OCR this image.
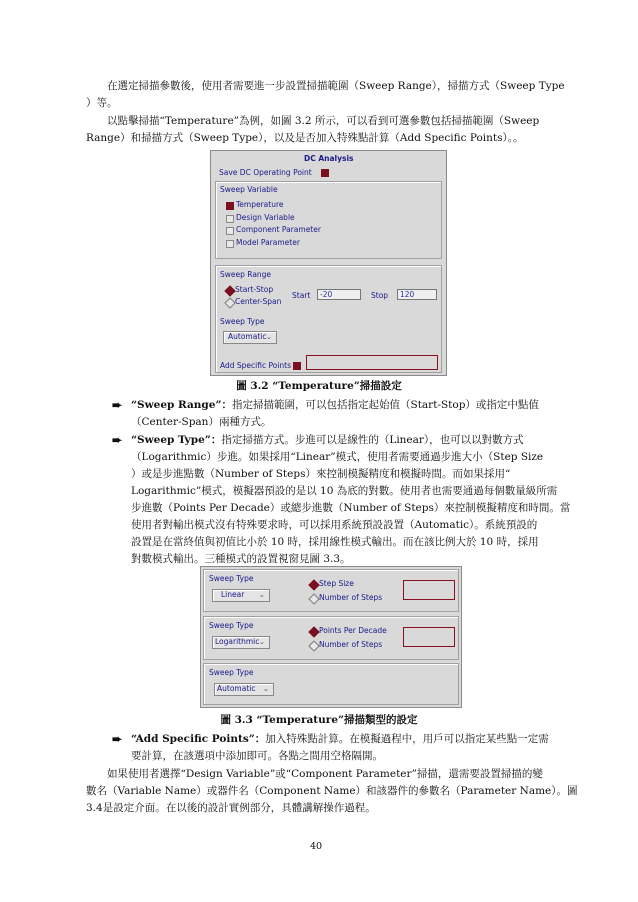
在選定掃描參數後，使用者需要進一步設置掃描範圍（Sweep Range），掃描方式（Sweep Type
）等。
以點擊掃描“Temperature”為例，如圖 3.2 所示，可以看到可選參數包括掃描範圍（Sweep
Range）和掃描方式（Sweep Type），以及是否加入特殊點計算（Add Specific Points）。。
DC Analysis
Save DC Operating Point
Sweep Variable
Temperature
Design Variable
Component Parameter
Model Parameter
Sweep Range
Start-Stop
Center-Span
Start	-20	Stop	120
Sweep Type
Automatic ⌄
Add Specific Points
圖 3.2 “Temperature”掃描設定
➨ “Sweep Range”：指定掃描範圍，可以包括指定起始值（Start-Stop）或指定中點值
（Center-Span）兩種方式。
➨ “Sweep Type”：指定掃描方式。步進可以是線性的（Linear），也可以以對數方式
（Logarithmic）步進。如果採用“Linear”模式，使用者需要通過步進大小（Step Size
）或是步進點數（Number of Steps）來控制模擬精度和模擬時間。而如果採用“
Logarithmic”模式，模擬器預設的是以 10 為底的對數。使用者也需要通過每個數量級所需
步進數（Points Per Decade）或總步進數（Number of Steps）來控制模擬精度和時間。當
使用者對輸出模式沒有特殊要求時，可以採用系統預設設置（Automatic）。系統預設的
設置是在當終值與初值比小於 10 時，採用線性模式輸出。而在該比例大於 10 時，採用
對數模式輸出。三種模式的設置視窗見圖 3.3。
Sweep Type
Linear ⌄
Step Size
Number of Steps
Sweep Type
Logarithmic ⌄
Points Per Decade
Number of Steps
Sweep Type
Automatic ⌄
圖 3.3 “Temperature”掃描類型的設定
➨ “Add Specific Points”：加入特殊點計算。在模擬過程中，用戶可以指定某些點一定需
要計算，在該選項中添加即可。各點之間用空格隔開。
如果使用者選擇“Design Variable”或“Component Parameter”掃描，還需要設置掃描的變
數名（Variable Name）或器件名（Component Name）和該器件的參數名（Parameter Name）。圖
3.4是設定介面。在以後的設計實例部分，具體講解操作過程。
40
